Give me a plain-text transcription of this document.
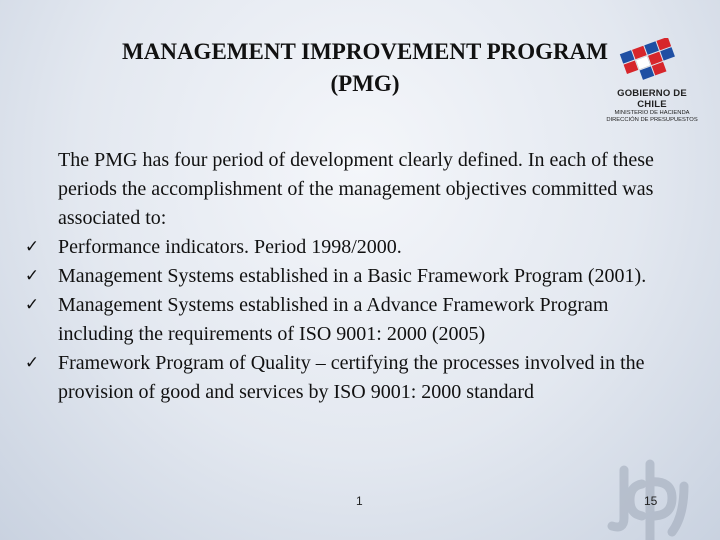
MANAGEMENT IMPROVEMENT PROGRAM
(PMG)	GOBIERNO DE CHILE
MINISTERIO DE HACIENDA
DIRECCIÓN DE PRESUPUESTOS

The PMG has four period of development clearly defined. In each of these periods the accomplishment of the management objectives committed was associated to:

✓ Performance indicators. Period 1998/2000.
✓ Management Systems established in a Basic Framework Program (2001).
✓ Management Systems established in a Advance Framework Program including the requirements of ISO 9001: 2000 (2005)
✓ Framework Program of Quality – certifying the processes involved in the provision of good and services by ISO 9001: 2000 standard
1	15
